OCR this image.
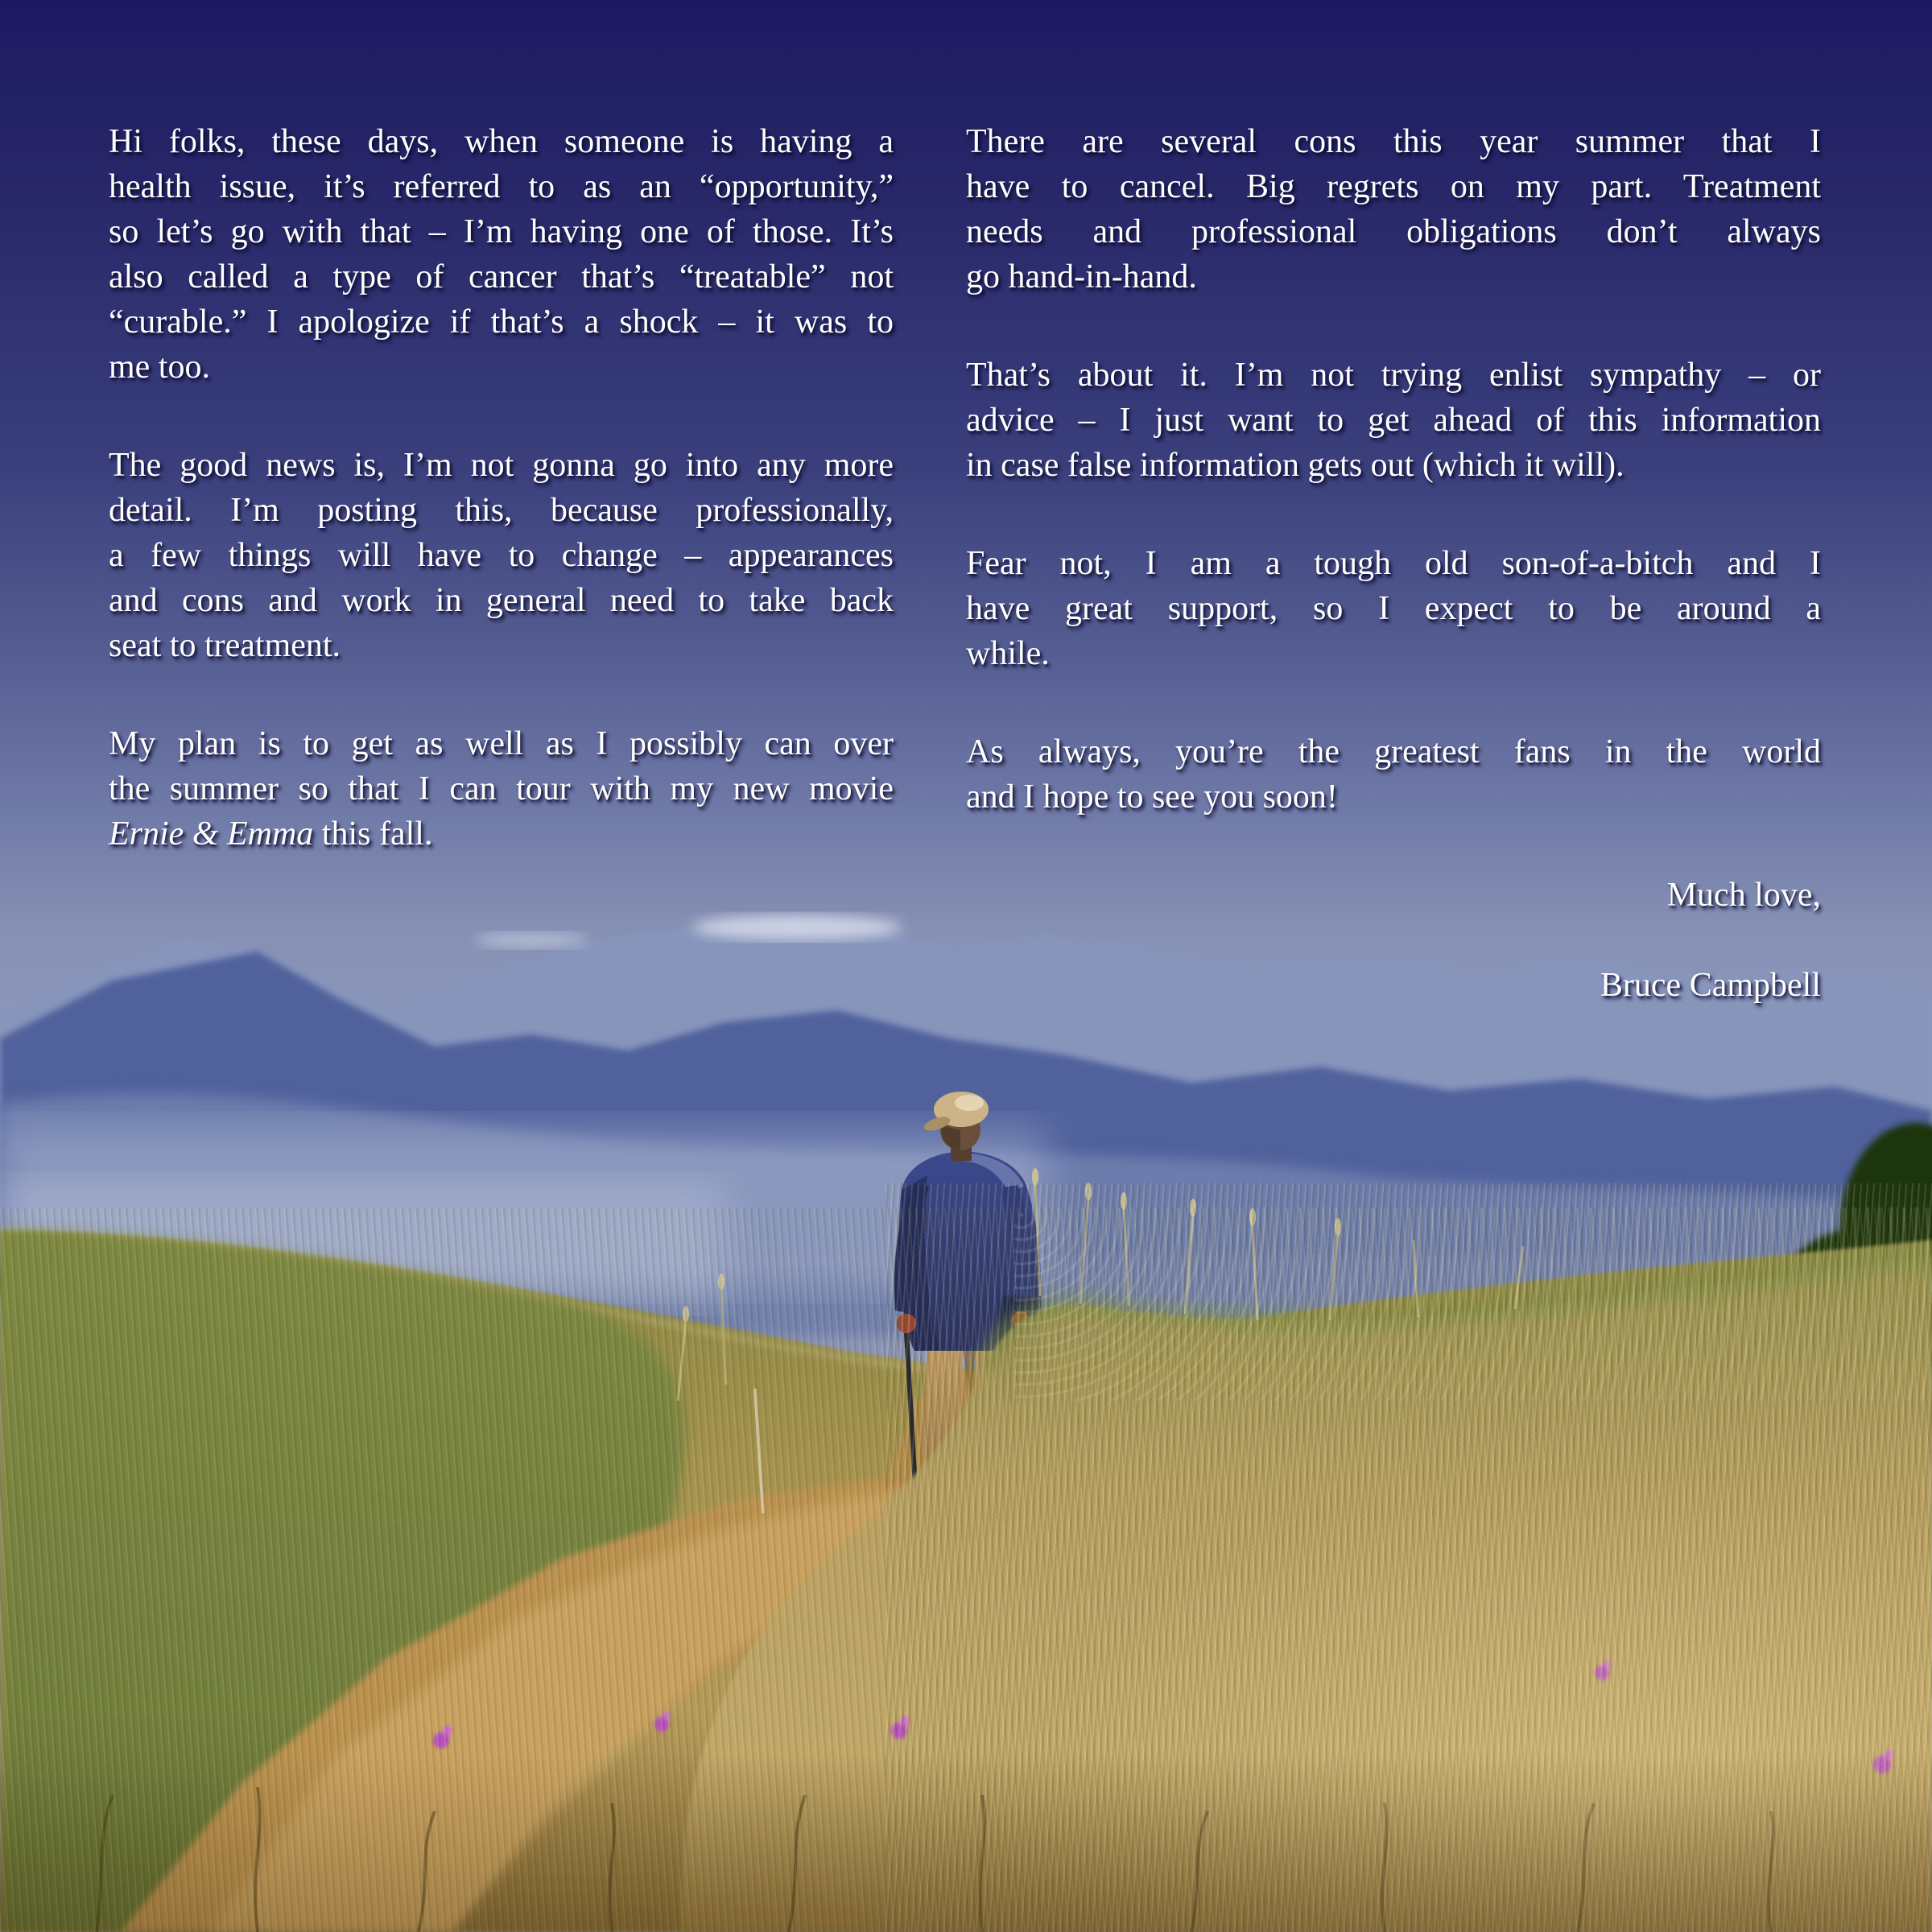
Hi folks, these days, when someone is having a
health issue, it’s referred to as an “opportunity,”
so let’s go with that – I’m having one of those. It’s
also called a type of cancer that’s “treatable” not
“curable.” I apologize if that’s a shock – it was to
me too.
The good news is, I’m not gonna go into any more
detail. I’m posting this, because professionally,
a few things will have to change – appearances
and cons and work in general need to take back
seat to treatment.
My plan is to get as well as I possibly can over
the summer so that I can tour with my new movie
Ernie & Emma this fall.
There are several cons this year summer that I
have to cancel. Big regrets on my part. Treatment
needs and professional obligations don’t always
go hand-in-hand.
That’s about it. I’m not trying enlist sympathy – or
advice – I just want to get ahead of this information
in case false information gets out (which it will).
Fear not, I am a tough old son-of-a-bitch and I
have great support, so I expect to be around a
while.
As always, you’re the greatest fans in the world
and I hope to see you soon!
Much love,
Bruce Campbell
